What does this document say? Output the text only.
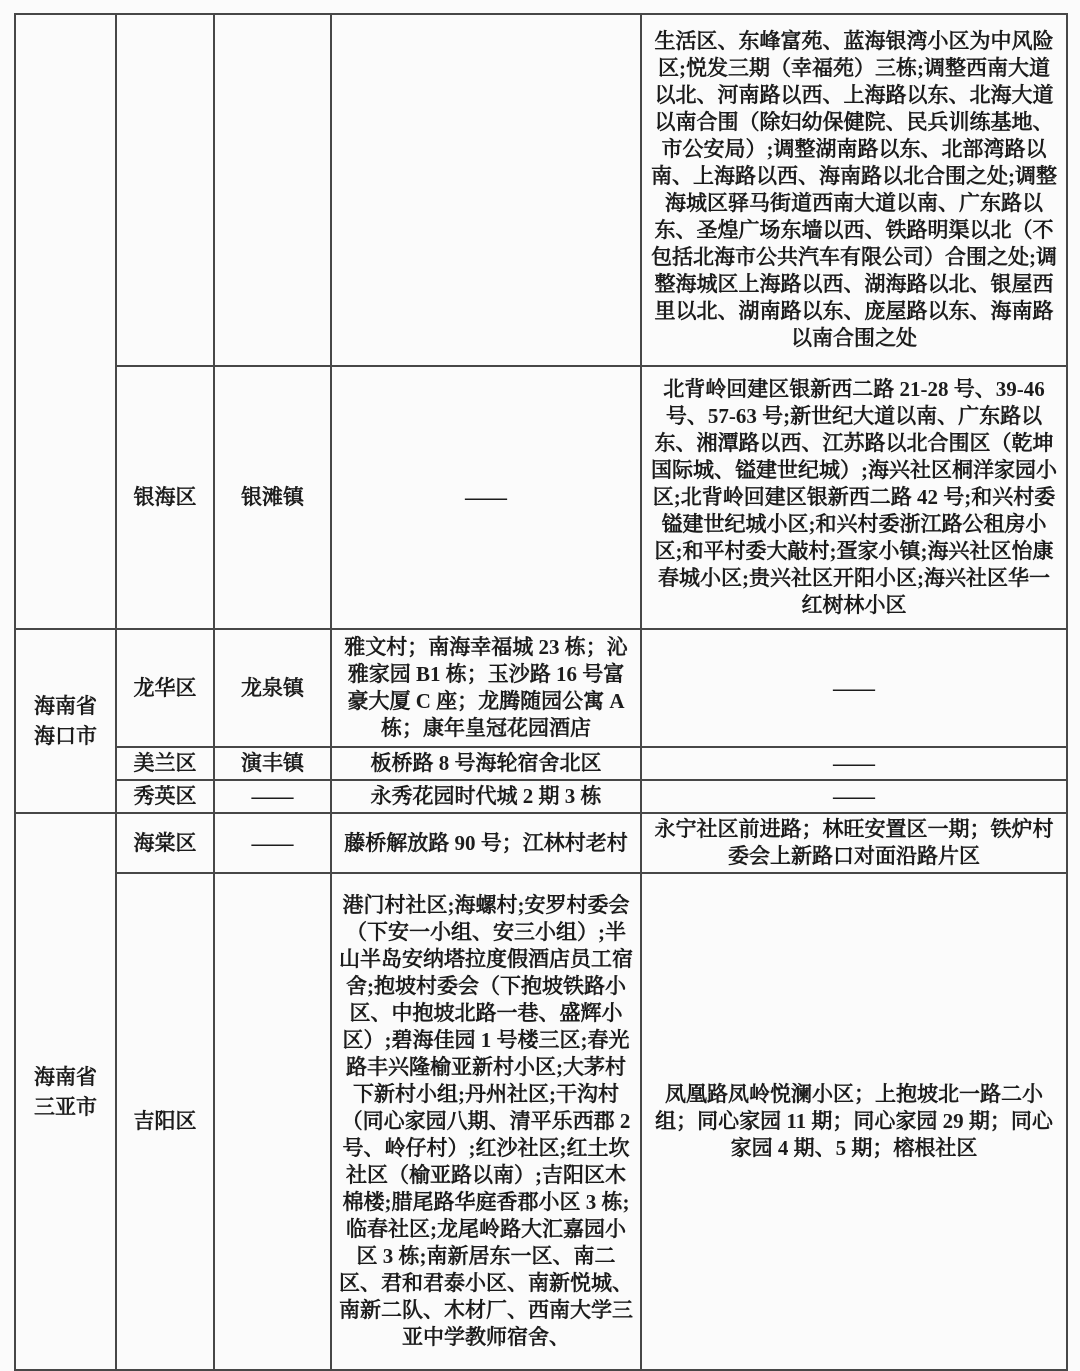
				生活区、东峰富苑、蓝海银湾小区为中风险区;悦发三期（幸福苑）三栋;调整西南大道以北、河南路以西、上海路以东、北海大道以南合围（除妇幼保健院、民兵训练基地、市公安局）;调整湖南路以东、北部湾路以南、上海路以西、海南路以北合围之处;调整海城区驿马街道西南大道以南、广东路以东、圣煌广场东墙以西、铁路明渠以北（不包括北海市公共汽车有限公司）合围之处;调整海城区上海路以西、湖海路以北、银屋西里以北、湖南路以东、庞屋路以东、海南路以南合围之处
	银海区	银滩镇	——	北背岭回建区银新西二路 21-28 号、39-46 号、57-63 号;新世纪大道以南、广东路以东、湘潭路以西、江苏路以北合围区（乾坤国际城、镒建世纪城）;海兴社区桐洋家园小区;北背岭回建区银新西二路 42 号;和兴村委镒建世纪城小区;和兴村委浙江路公租房小区;和平村委大敲村;疍家小镇;海兴社区怡康春城小区;贵兴社区开阳小区;海兴社区华一红树林小区

海南省
海口市	龙华区	龙泉镇	雅文村；南海幸福城 23 栋；沁雅家园 B1 栋；玉沙路 16 号富豪大厦 C 座；龙腾随园公寓 A 栋；康年皇冠花园酒店	——
	美兰区	演丰镇	板桥路 8 号海轮宿舍北区	——
	秀英区	——	永秀花园时代城 2 期 3 栋	——

海南省
三亚市	海棠区	——	藤桥解放路 90 号；江林村老村	永宁社区前进路；林旺安置区一期；铁炉村委会上新路口对面沿路片区
	吉阳区		港门村社区;海螺村;安罗村委会（下安一小组、安三小组）;半山半岛安纳塔拉度假酒店员工宿舍;抱坡村委会（下抱坡铁路小区、中抱坡北路一巷、盛辉小区）;碧海佳园 1 号楼三区;春光路丰兴隆榆亚新村小区;大茅村下新村小组;丹州社区;干沟村（同心家园八期、清平乐西郡 2 号、岭仔村）;红沙社区;红土坎社区（榆亚路以南）;吉阳区木棉楼;腊尾路华庭香郡小区 3 栋;临春社区;龙尾岭路大汇嘉园小区 3 栋;南新居东一区、南二区、君和君泰小区、南新悦城、南新二队、木材厂、西南大学三亚中学教师宿舍、	凤凰路凤岭悦澜小区；上抱坡北一路二小组；同心家园 11 期；同心家园 29 期；同心家园 4 期、5 期；榕根社区
